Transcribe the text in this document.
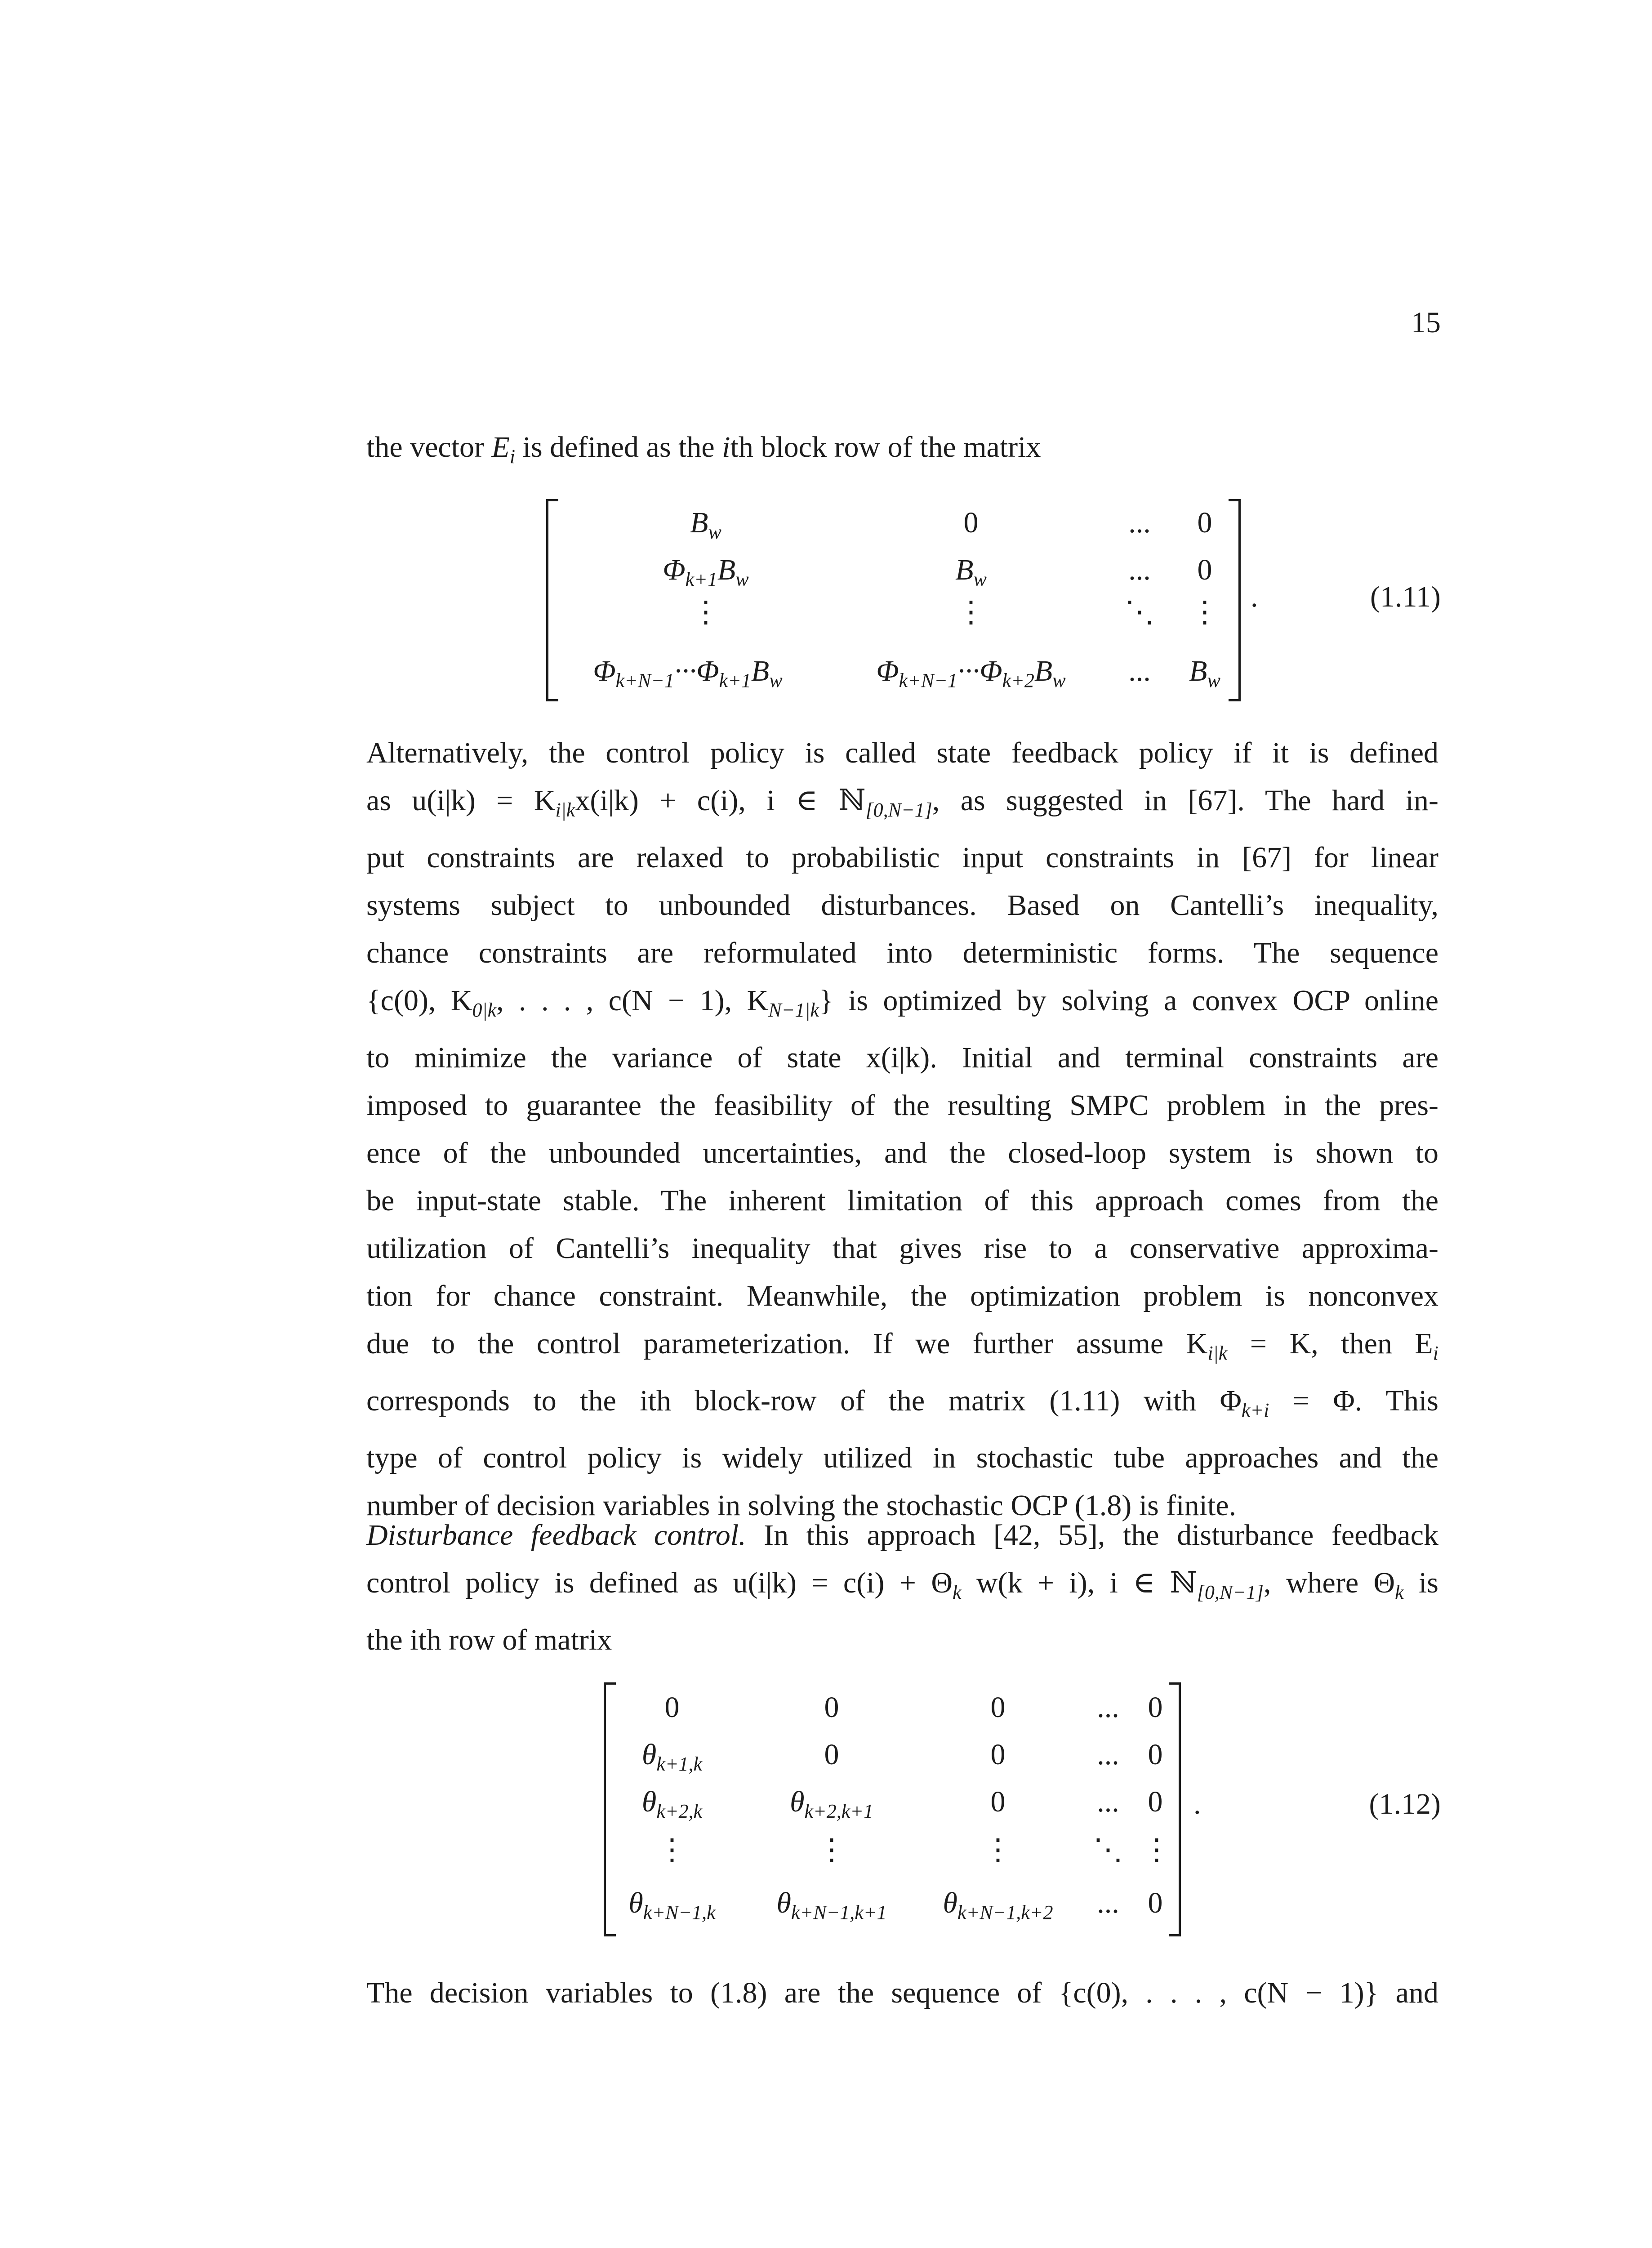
15
the vector $E_i$ is defined as the ith block row of the matrix
$B_w$	0	...	0
$\Phi_{k+1}B_w$	$B_w$	...	0
⋮	⋮	⋱	⋮
$\Phi_{k+N-1}\cdot\cdot\cdot\Phi_{k+1}B_w$	$\Phi_{k+N-1}\cdot\cdot\cdot\Phi_{k+2}B_w$	...	$B_w$
.	(1.11)
Alternatively, the control policy is called state feedback policy if it is defined
as $u(i|k) = K_{i|k}x(i|k) + c(i)$, i ∈ ℕ$_{[0,N-1]}$, as suggested in [67]. The hard in-
put constraints are relaxed to probabilistic input constraints in [67] for linear
systems subject to unbounded disturbances. Based on Cantelli’s inequality,
chance constraints are reformulated into deterministic forms. The sequence
{c(0), $K_{0|k}$, . . . , c(N − 1), $K_{N-1|k}$} is optimized by solving a convex OCP online
to minimize the variance of state x(i|k). Initial and terminal constraints are
imposed to guarantee the feasibility of the resulting SMPC problem in the pres-
ence of the unbounded uncertainties, and the closed-loop system is shown to
be input-state stable. The inherent limitation of this approach comes from the
utilization of Cantelli’s inequality that gives rise to a conservative approxima-
tion for chance constraint. Meanwhile, the optimization problem is nonconvex
due to the control parameterization. If we further assume $K_{i|k} = K$, then $E_i$
corresponds to the ith block-row of the matrix (1.11) with $\Phi_{k+i} = \Phi$. This
type of control policy is widely utilized in stochastic tube approaches and the
number of decision variables in solving the stochastic OCP (1.8) is finite.
Disturbance feedback control. In this approach [42, 55], the disturbance feedback
control policy is defined as $u(i|k) = c(i) + \Theta_k$ w(k + i), i ∈ ℕ$_{[0,N-1]}$, where $\Theta_k$ is
the ith row of matrix
0	0	0	... 0
$\theta_{k+1,k}$	0	0	... 0
$\theta_{k+2,k}$	$\theta_{k+2,k+1}$	0	... 0
⋮	⋮	⋮	⋱ ⋮
$\theta_{k+N-1,k}$	$\theta_{k+N-1,k+1}$	$\theta_{k+N-1,k+2}$	... 0
.	(1.12)
The decision variables to (1.8) are the sequence of {c(0), . . . , c(N − 1)} and
